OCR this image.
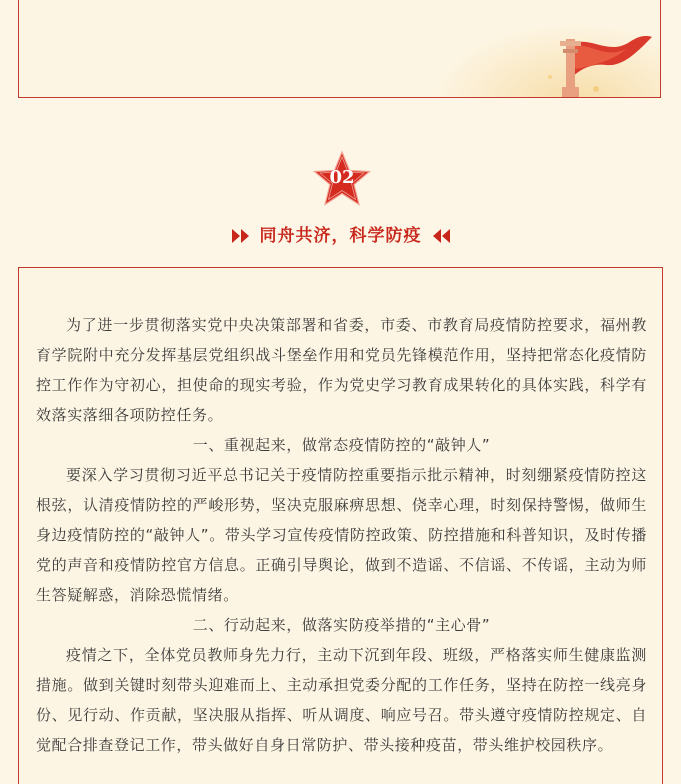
02
同舟共济，科学防疫

为了进一步贯彻落实党中央决策部署和省委，市委、市教育局疫情防控要求，福州教育学院附中充分发挥基层党组织战斗堡垒作用和党员先锋模范作用，坚持把常态化疫情防控工作作为守初心，担使命的现实考验，作为党史学习教育成果转化的具体实践，科学有效落实落细各项防控任务。

一、重视起来，做常态疫情防控的“敲钟人”

要深入学习贯彻习近平总书记关于疫情防控重要指示批示精神，时刻绷紧疫情防控这根弦，认清疫情防控的严峻形势，坚决克服麻痹思想、侥幸心理，时刻保持警惕，做师生身边疫情防控的“敲钟人”。带头学习宣传疫情防控政策、防控措施和科普知识，及时传播党的声音和疫情防控官方信息。正确引导舆论，做到不造谣、不信谣、不传谣，主动为师生答疑解惑，消除恐慌情绪。

二、行动起来，做落实防疫举措的“主心骨”

疫情之下，全体党员教师身先力行，主动下沉到年段、班级，严格落实师生健康监测措施。做到关键时刻带头迎难而上、主动承担党委分配的工作任务，坚持在防控一线亮身份、见行动、作贡献，坚决服从指挥、听从调度、响应号召。带头遵守疫情防控规定、自觉配合排查登记工作，带头做好自身日常防护、带头接种疫苗，带头维护校园秩序。
